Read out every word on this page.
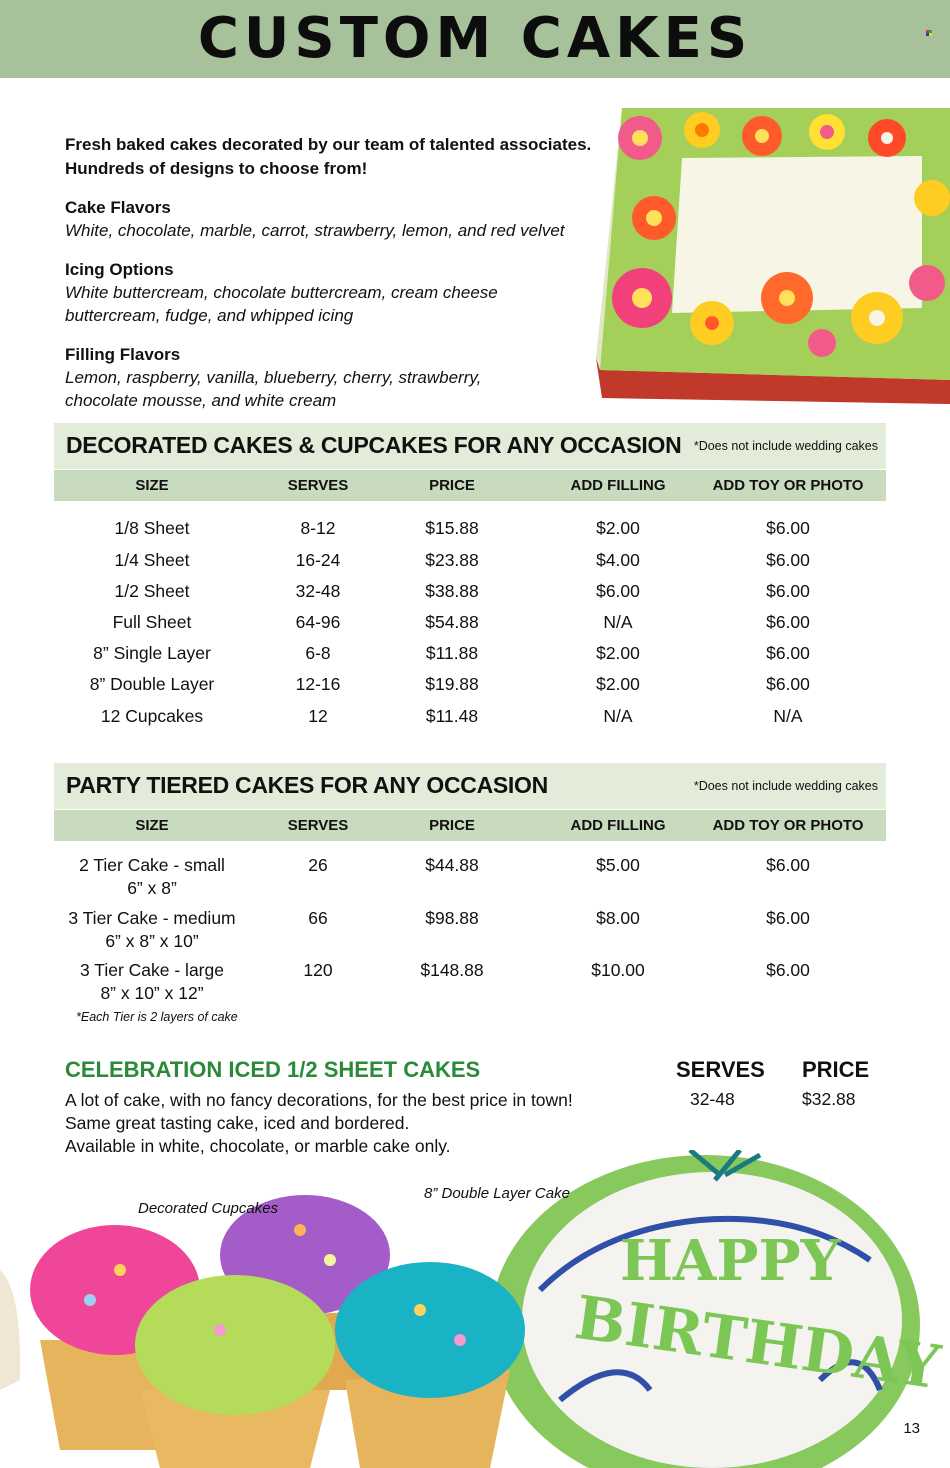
CUSTOM CAKES
Fresh baked cakes decorated by our team of talented associates.
Hundreds of designs to choose from!
Cake Flavors
White, chocolate, marble, carrot, strawberry, lemon, and red velvet
Icing Options
White buttercream, chocolate buttercream, cream cheese buttercream, fudge, and whipped icing
Filling Flavors
Lemon, raspberry, vanilla, blueberry, cherry, strawberry, chocolate mousse, and white cream
DECORATED CAKES & CUPCAKES FOR ANY OCCASION *Does not include wedding cakes
SIZE	SERVES	PRICE	ADD FILLING	ADD TOY OR PHOTO
1/8 Sheet	8-12	$15.88	$2.00	$6.00
1/4 Sheet	16-24	$23.88	$4.00	$6.00
1/2 Sheet	32-48	$38.88	$6.00	$6.00
Full Sheet	64-96	$54.88	N/A	$6.00
8” Single Layer	6-8	$11.88	$2.00	$6.00
8” Double Layer	12-16	$19.88	$2.00	$6.00
12 Cupcakes	12	$11.48	N/A	N/A
PARTY TIERED CAKES FOR ANY OCCASION	*Does not include wedding cakes
SIZE	SERVES	PRICE	ADD FILLING	ADD TOY OR PHOTO
2 Tier Cake - small
6” x 8”
26	$44.88	$5.00	$6.00
3 Tier Cake - medium
6” x 8” x 10”
66	$98.88	$8.00	$6.00
3 Tier Cake - large
8” x 10” x 12”
120	$148.88	$10.00	$6.00
*Each Tier is 2 layers of cake
CELEBRATION ICED 1/2 SHEET CAKES
A lot of cake, with no fancy decorations, for the best price in town!
Same great tasting cake, iced and bordered.
Available in white, chocolate, or marble cake only.
SERVES PRICE
32-48	$32.88
HAPPY
BIRTHDAY
Decorated Cupcakes
8” Double Layer Cake
13
